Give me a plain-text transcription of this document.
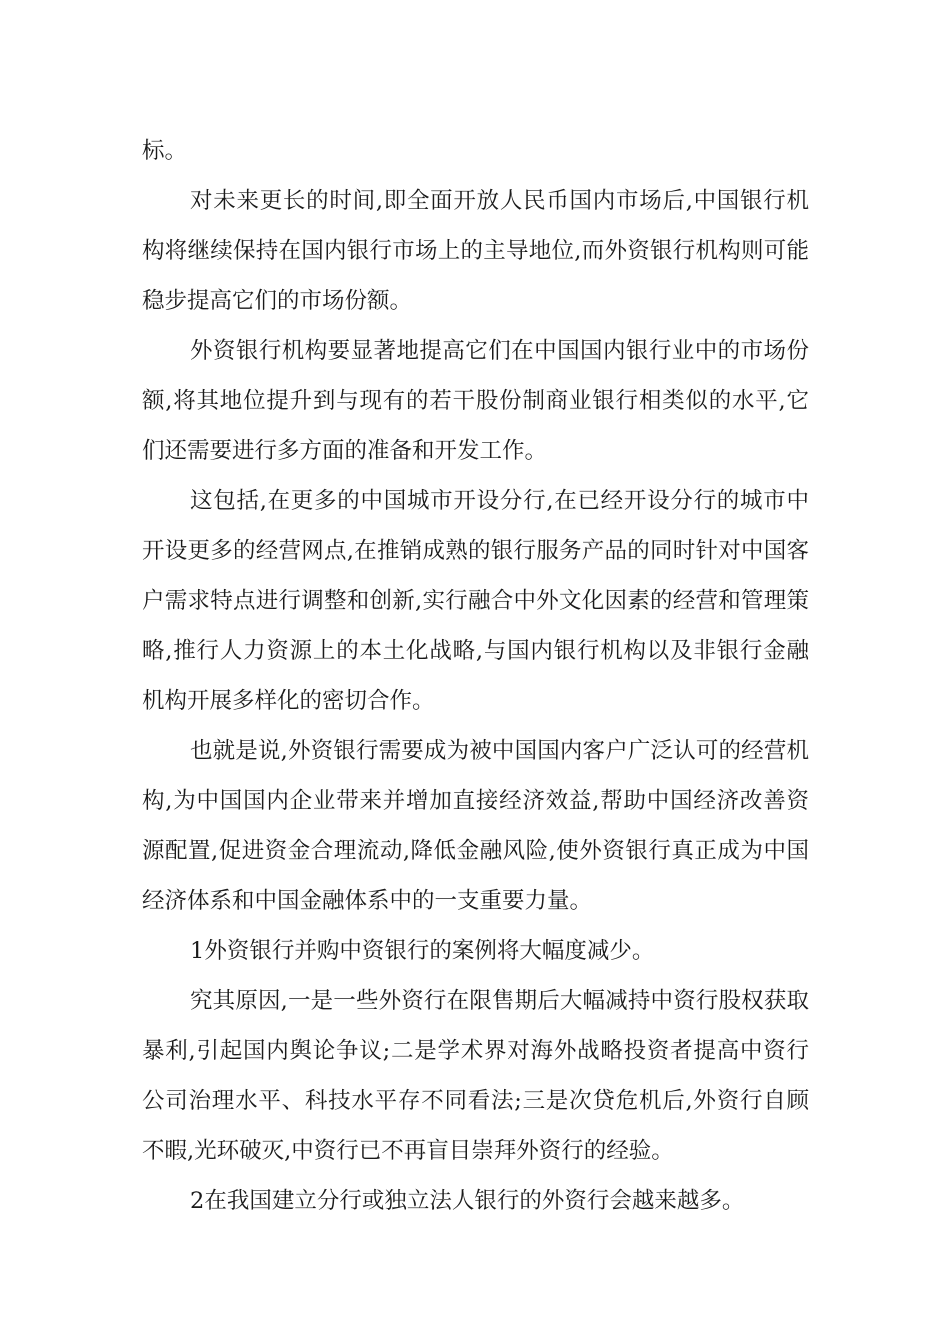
标。
对未来更长的时间,即全面开放人民币国内市场后,中国银行机
构将继续保持在国内银行市场上的主导地位,而外资银行机构则可能
稳步提高它们的市场份额。
外资银行机构要显著地提高它们在中国国内银行业中的市场份
额,将其地位提升到与现有的若干股份制商业银行相类似的水平,它
们还需要进行多方面的准备和开发工作。
这包括,在更多的中国城市开设分行,在已经开设分行的城市中
开设更多的经营网点,在推销成熟的银行服务产品的同时针对中国客
户需求特点进行调整和创新,实行融合中外文化因素的经营和管理策
略,推行人力资源上的本土化战略,与国内银行机构以及非银行金融
机构开展多样化的密切合作。
也就是说,外资银行需要成为被中国国内客户广泛认可的经营机
构,为中国国内企业带来并增加直接经济效益,帮助中国经济改善资
源配置,促进资金合理流动,降低金融风险,使外资银行真正成为中国
经济体系和中国金融体系中的一支重要力量。
1外资银行并购中资银行的案例将大幅度减少。
究其原因,一是一些外资行在限售期后大幅减持中资行股权获取
暴利,引起国内舆论争议;二是学术界对海外战略投资者提高中资行
公司治理水平、科技水平存不同看法;三是次贷危机后,外资行自顾
不暇,光环破灭,中资行已不再盲目崇拜外资行的经验。
2在我国建立分行或独立法人银行的外资行会越来越多。
